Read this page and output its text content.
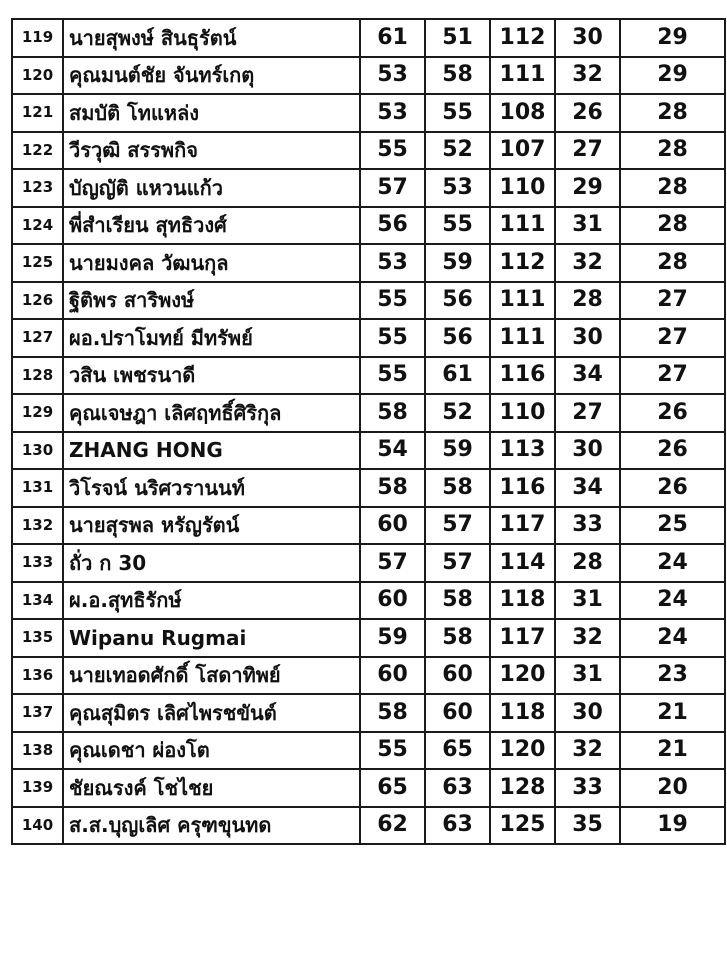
119	นายสุพงษ์ สินธุรัตน์	61	51	112	30	29
120	คุณมนต์ชัย จันทร์เกตุ	53	58	111	32	29
121	สมบัติ โทแหล่ง	53	55	108	26	28
122	วีรวุฒิ สรรพกิจ	55	52	107	27	28
123	บัญญัติ แหวนแก้ว	57	53	110	29	28
124	พี่สำเรียน สุทธิวงศ์	56	55	111	31	28
125	นายมงคล วัฒนกุล	53	59	112	32	28
126	ฐิติพร สาริพงษ์	55	56	111	28	27
127	ผอ.ปราโมทย์ มีทรัพย์	55	56	111	30	27
128	วสิน เพชรนาดี	55	61	116	34	27
129	คุณเจษฎา เลิศฤทธิ์ศิริกุล	58	52	110	27	26
130	ZHANG HONG	54	59	113	30	26
131	วิโรจน์ นริศวรานนท์	58	58	116	34	26
132	นายสุรพล หรัญรัตน์	60	57	117	33	25
133	ถั่ว ก 30	57	57	114	28	24
134	ผ.อ.สุทธิรักษ์	60	58	118	31	24
135	Wipanu Rugmai	59	58	117	32	24
136	นายเทอดศักดิ์ โสดาทิพย์	60	60	120	31	23
137	คุณสุมิตร เลิศไพรชขันต์	58	60	118	30	21
138	คุณเดชา ผ่องโต	55	65	120	32	21
139	ชัยณรงค์ โชไชย	65	63	128	33	20
140	ส.ส.บุญเลิศ ครุฑขุนทด	62	63	125	35	19
